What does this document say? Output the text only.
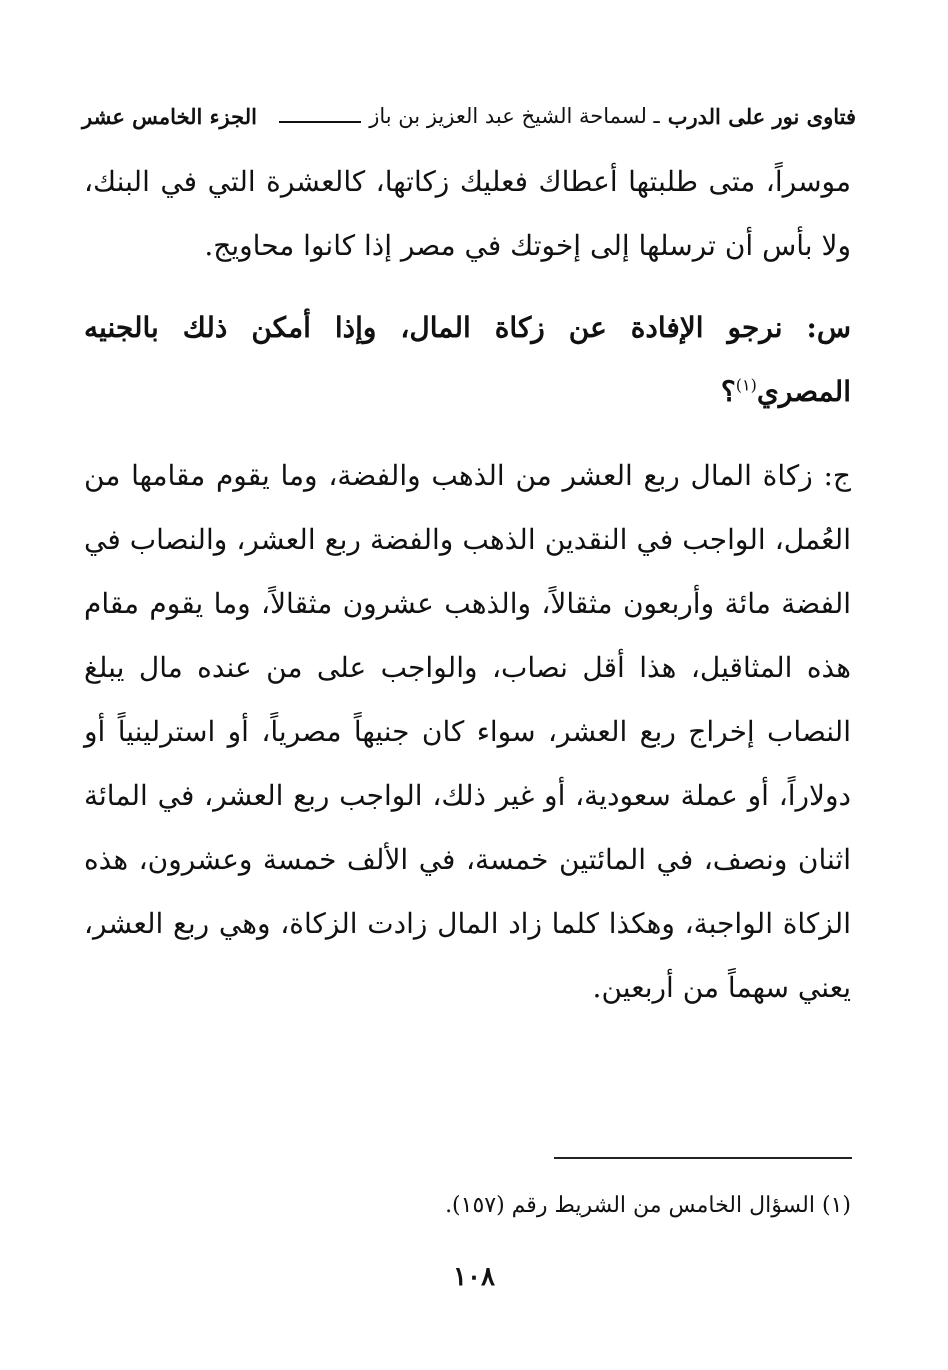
فتاوى نور على الدرب
ـ لسماحة الشيخ عبد العزيز بن باز
الجزء الخامس عشر

موسراً، متى طلبتها أعطاك فعليك زكاتها، كالعشرة التي في البنك، ولا بأس أن ترسلها إلى إخوتك في مصر إذا كانوا محاويج.

س: نرجو الإفادة عن زكاة المال، وإذا أمكن ذلك بالجنيه المصري$^{(١)}$؟

ج: زكاة المال ربع العشر من الذهب والفضة، وما يقوم مقامها من العُمل، الواجب في النقدين الذهب والفضة ربع العشر، والنصاب في الفضة مائة وأربعون مثقالاً، والذهب عشرون مثقالاً، وما يقوم مقام هذه المثاقيل، هذا أقل نصاب، والواجب على من عنده مال يبلغ النصاب إخراج ربع العشر، سواء كان جنيهاً مصرياً، أو استرلينياً أو دولاراً، أو عملة سعودية، أو غير ذلك، الواجب ربع العشر، في المائة اثنان ونصف، في المائتين خمسة، في الألف خمسة وعشرون، هذه الزكاة الواجبة، وهكذا كلما زاد المال زادت الزكاة، وهي ربع العشر، يعني سهماً من أربعين.

(١) السؤال الخامس من الشريط رقم (١٥٧).
١٠٨
